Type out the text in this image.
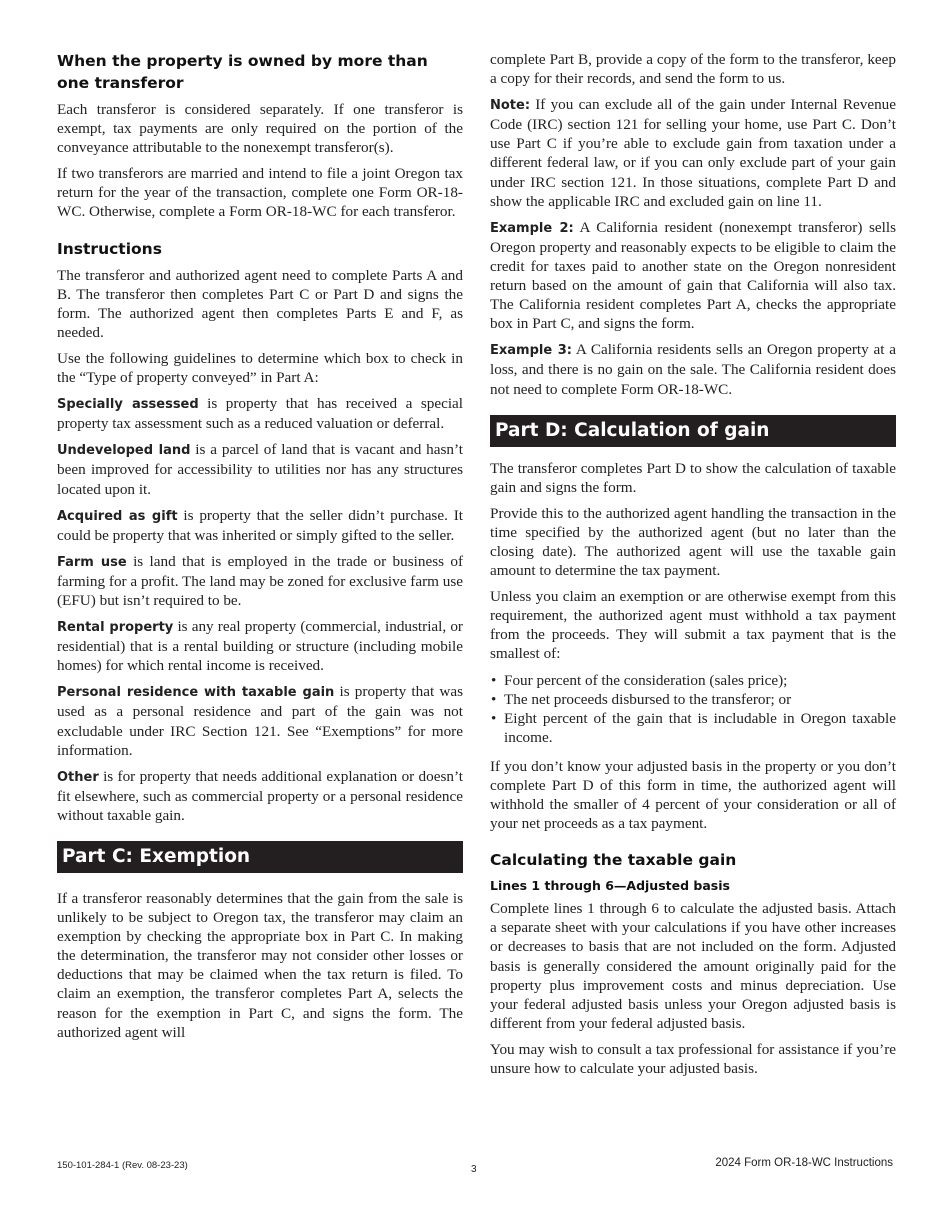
When the property is owned by more than one transferor

Each transferor is considered separately. If one transferor is exempt, tax payments are only required on the portion of the conveyance attributable to the nonexempt transferor(s).

If two transferors are married and intend to file a joint Oregon tax return for the year of the transaction, complete one Form OR-18-WC. Otherwise, complete a Form OR-18-WC for each transferor.

Instructions

The transferor and authorized agent need to complete Parts A and B. The transferor then completes Part C or Part D and signs the form. The authorized agent then completes Parts E and F, as needed.

Use the following guidelines to determine which box to check in the “Type of property conveyed” in Part A:

Specially assessed is property that has received a special property tax assessment such as a reduced valuation or deferral.

Undeveloped land is a parcel of land that is vacant and hasn’t been improved for accessibility to utilities nor has any structures located upon it.

Acquired as gift is property that the seller didn’t purchase. It could be property that was inherited or simply gifted to the seller.

Farm use is land that is employed in the trade or business of farming for a profit. The land may be zoned for exclusive farm use (EFU) but isn’t required to be.

Rental property is any real property (commercial, industrial, or residential) that is a rental building or structure (including mobile homes) for which rental income is received.

Personal residence with taxable gain is property that was used as a personal residence and part of the gain was not excludable under IRC Section 121. See “Exemptions” for more information.

Other is for property that needs additional explanation or doesn’t fit elsewhere, such as commercial property or a personal residence without taxable gain.

Part C: Exemption

If a transferor reasonably determines that the gain from the sale is unlikely to be subject to Oregon tax, the transferor may claim an exemption by checking the appropriate box in Part C. In making the determination, the transferor may not consider other losses or deductions that may be claimed when the tax return is filed. To claim an exemption, the transferor completes Part A, selects the reason for the exemption in Part C, and signs the form. The authorized agent will

complete Part B, provide a copy of the form to the transferor, keep a copy for their records, and send the form to us.

Note: If you can exclude all of the gain under Internal Revenue Code (IRC) section 121 for selling your home, use Part C. Don’t use Part C if you’re able to exclude gain from taxation under a different federal law, or if you can only exclude part of your gain under IRC section 121. In those situations, complete Part D and show the applicable IRC and excluded gain on line 11.

Example 2: A California resident (nonexempt transferor) sells Oregon property and reasonably expects to be eligible to claim the credit for taxes paid to another state on the Oregon nonresident return based on the amount of gain that California will also tax. The California resident completes Part A, checks the appropriate box in Part C, and signs the form.

Example 3: A California residents sells an Oregon property at a loss, and there is no gain on the sale. The California resident does not need to complete Form OR-18-WC.

Part D: Calculation of gain

The transferor completes Part D to show the calculation of taxable gain and signs the form.

Provide this to the authorized agent handling the transaction in the time specified by the authorized agent (but no later than the closing date). The authorized agent will use the taxable gain amount to determine the tax payment.

Unless you claim an exemption or are otherwise exempt from this requirement, the authorized agent must withhold a tax payment from the proceeds. They will submit a tax payment that is the smallest of:

• Four percent of the consideration (sales price);
• The net proceeds disbursed to the transferor; or
• Eight percent of the gain that is includable in Oregon taxable income.

If you don’t know your adjusted basis in the property or you don’t complete Part D of this form in time, the authorized agent will withhold the smaller of 4 percent of your consideration or all of your net proceeds as a tax payment.

Calculating the taxable gain
Lines 1 through 6—Adjusted basis

Complete lines 1 through 6 to calculate the adjusted basis. Attach a separate sheet with your calculations if you have other increases or decreases to basis that are not included on the form. Adjusted basis is generally considered the amount originally paid for the property plus improvement costs and minus depreciation. Use your federal adjusted basis unless your Oregon adjusted basis is different from your federal adjusted basis.

You may wish to consult a tax professional for assistance if you’re unsure how to calculate your adjusted basis.

150-101-284-1 (Rev. 08-23-23)	3
2024 Form OR-18-WC Instructions
